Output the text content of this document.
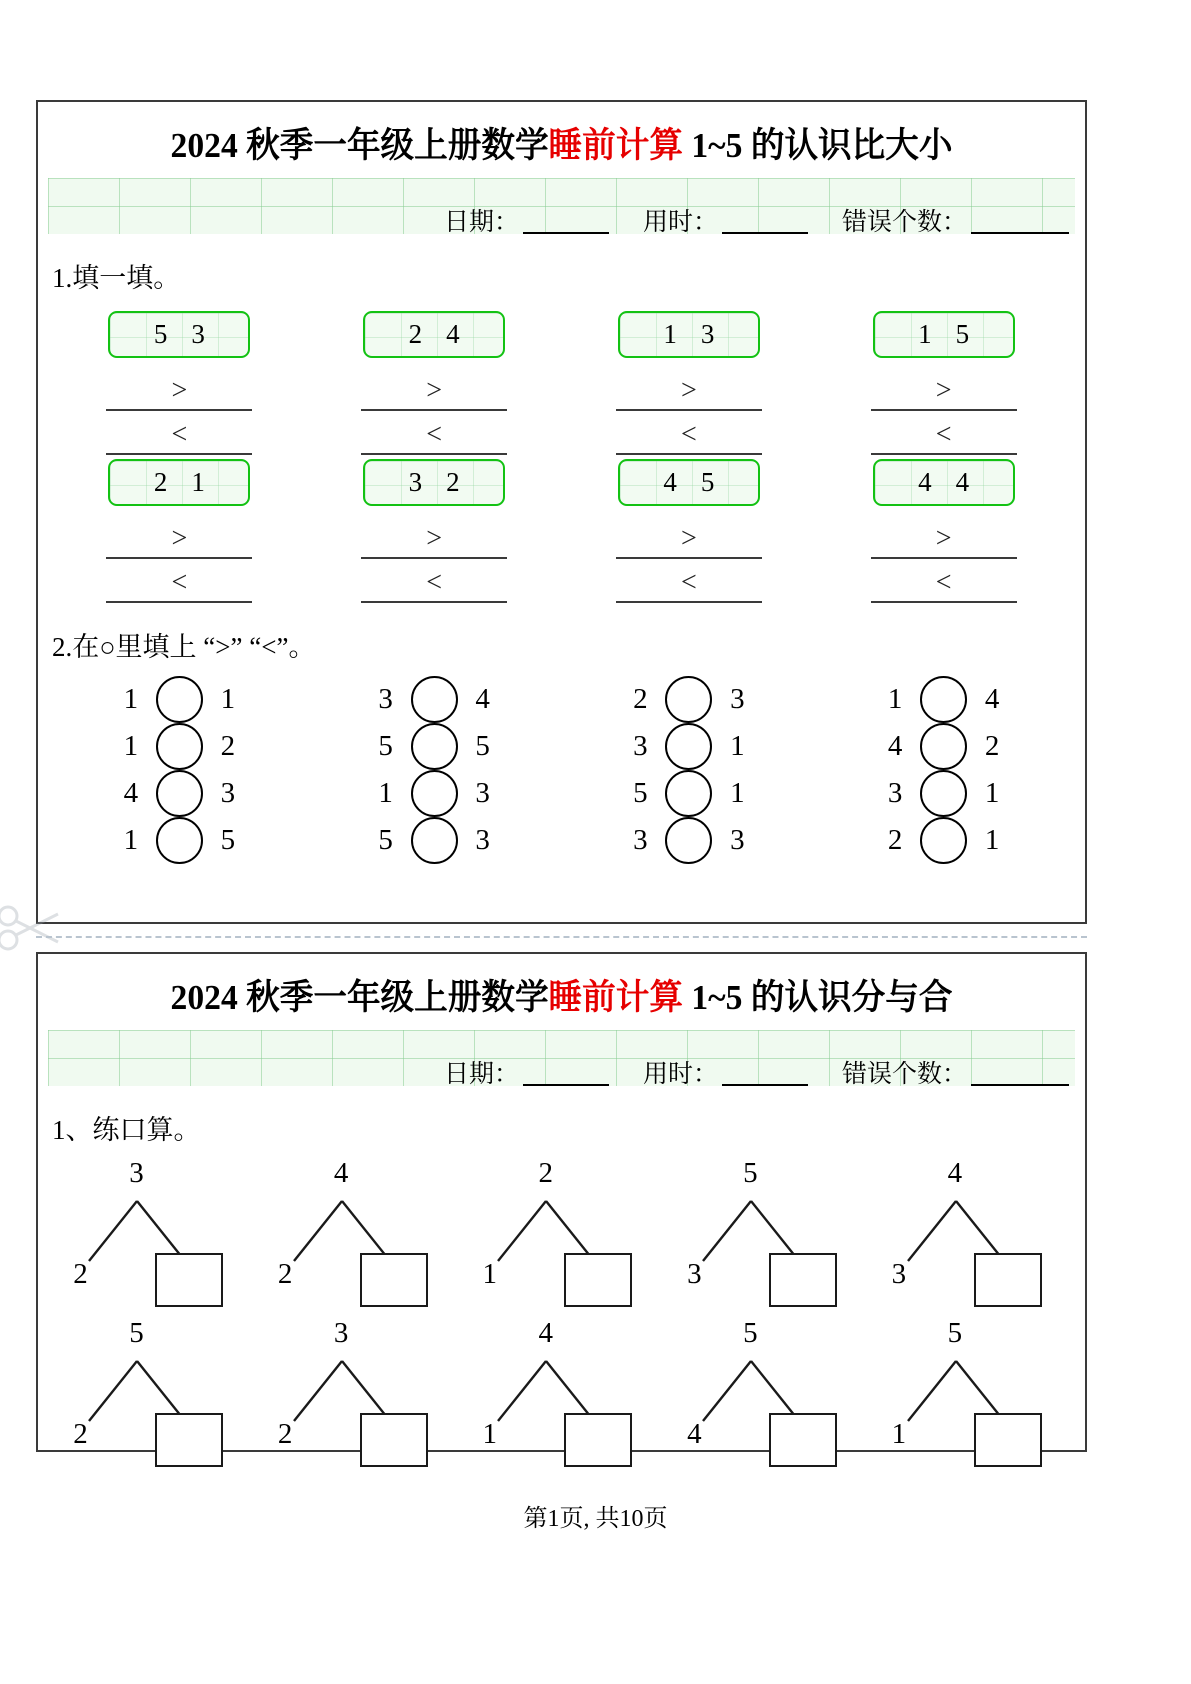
2024 秋季一年级上册数学睡前计算 1~5 的认识比大小
日期：	用时：	错误个数：
1.填一填。
5 3
>
<
2 4
>
<
1 3
>
<
1 5
>
<
2 1
>
<
3 2
>
<
4 5
>
<
4 4
>
<
2.在○里填上 “>” “<”。
1	1
1	2
4	3
1	5
3	4
5	5
1	3
5	3
2	3
3	1
5	1
3	3
1	4
4	2
3	1
2	1
2024 秋季一年级上册数学睡前计算 1~5 的认识分与合
日期：	用时：	错误个数：
1、练口算。
3
2
4
2
2
1
5
3
4
3
5
2
3
2
4
1
5
4
5
1
第1页, 共10页
